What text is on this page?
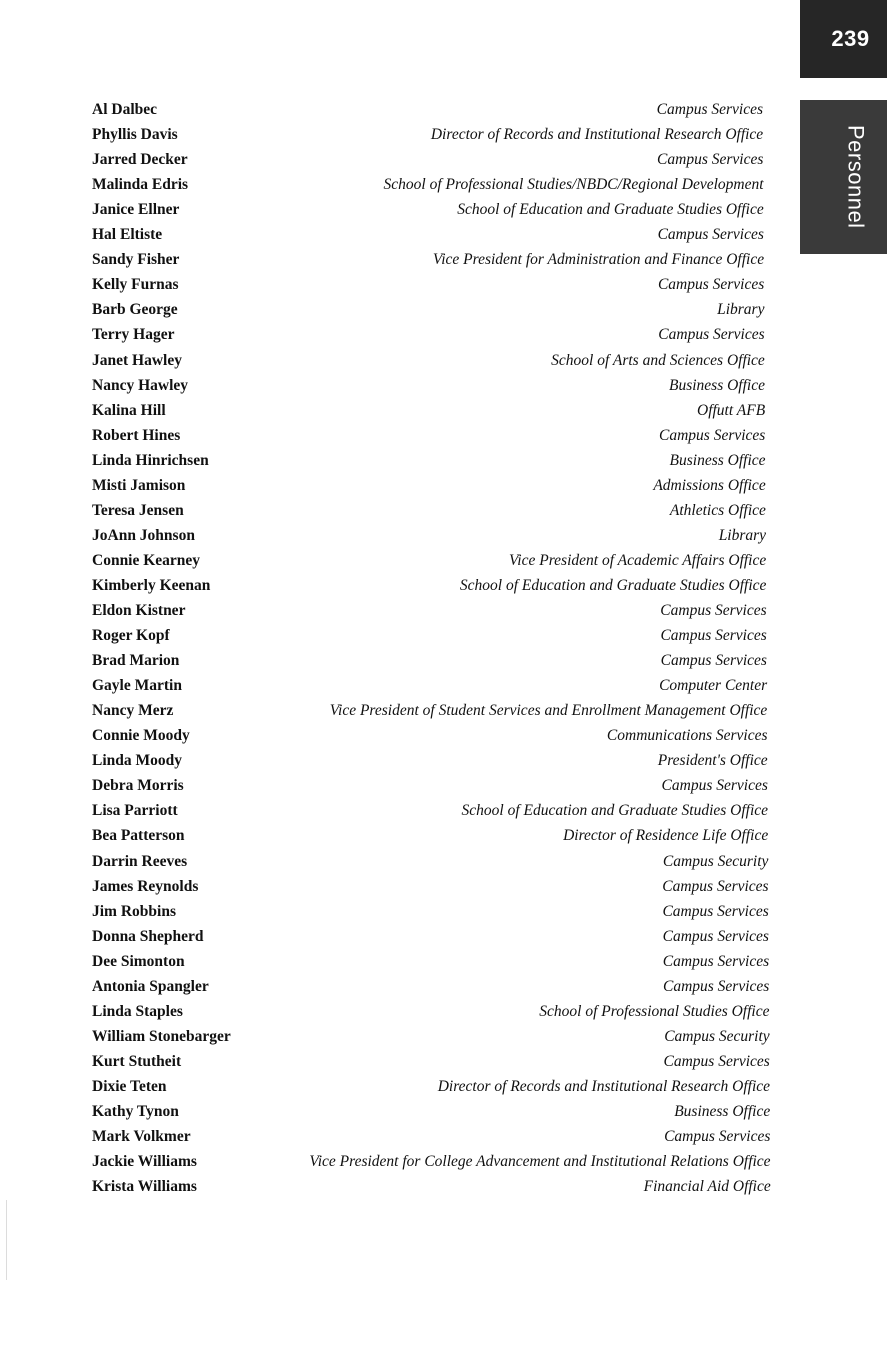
239
Personnel
Al Dalbec	Campus Services
Phyllis Davis	Director of Records and Institutional Research Office
Jarred Decker	Campus Services
Malinda Edris	School of Professional Studies/NBDC/Regional Development
Janice Ellner	School of Education and Graduate Studies Office
Hal Eltiste	Campus Services
Sandy Fisher	Vice President for Administration and Finance Office
Kelly Furnas	Campus Services
Barb George	Library
Terry Hager	Campus Services
Janet Hawley	School of Arts and Sciences Office
Nancy Hawley	Business Office
Kalina Hill	Offutt AFB
Robert Hines	Campus Services
Linda Hinrichsen	Business Office
Misti Jamison	Admissions Office
Teresa Jensen	Athletics Office
JoAnn Johnson	Library
Connie Kearney	Vice President of Academic Affairs Office
Kimberly Keenan	School of Education and Graduate Studies Office
Eldon Kistner	Campus Services
Roger Kopf	Campus Services
Brad Marion	Campus Services
Gayle Martin	Computer Center
Nancy Merz	Vice President of Student Services and Enrollment Management Office
Connie Moody	Communications Services
Linda Moody	President's Office
Debra Morris	Campus Services
Lisa Parriott	School of Education and Graduate Studies Office
Bea Patterson	Director of Residence Life Office
Darrin Reeves	Campus Security
James Reynolds	Campus Services
Jim Robbins	Campus Services
Donna Shepherd	Campus Services
Dee Simonton	Campus Services
Antonia Spangler	Campus Services
Linda Staples	School of Professional Studies Office
William Stonebarger	Campus Security
Kurt Stutheit	Campus Services
Dixie Teten	Director of Records and Institutional Research Office
Kathy Tynon	Business Office
Mark Volkmer	Campus Services
Jackie Williams	Vice President for College Advancement and Institutional Relations Office
Krista Williams	Financial Aid Office
